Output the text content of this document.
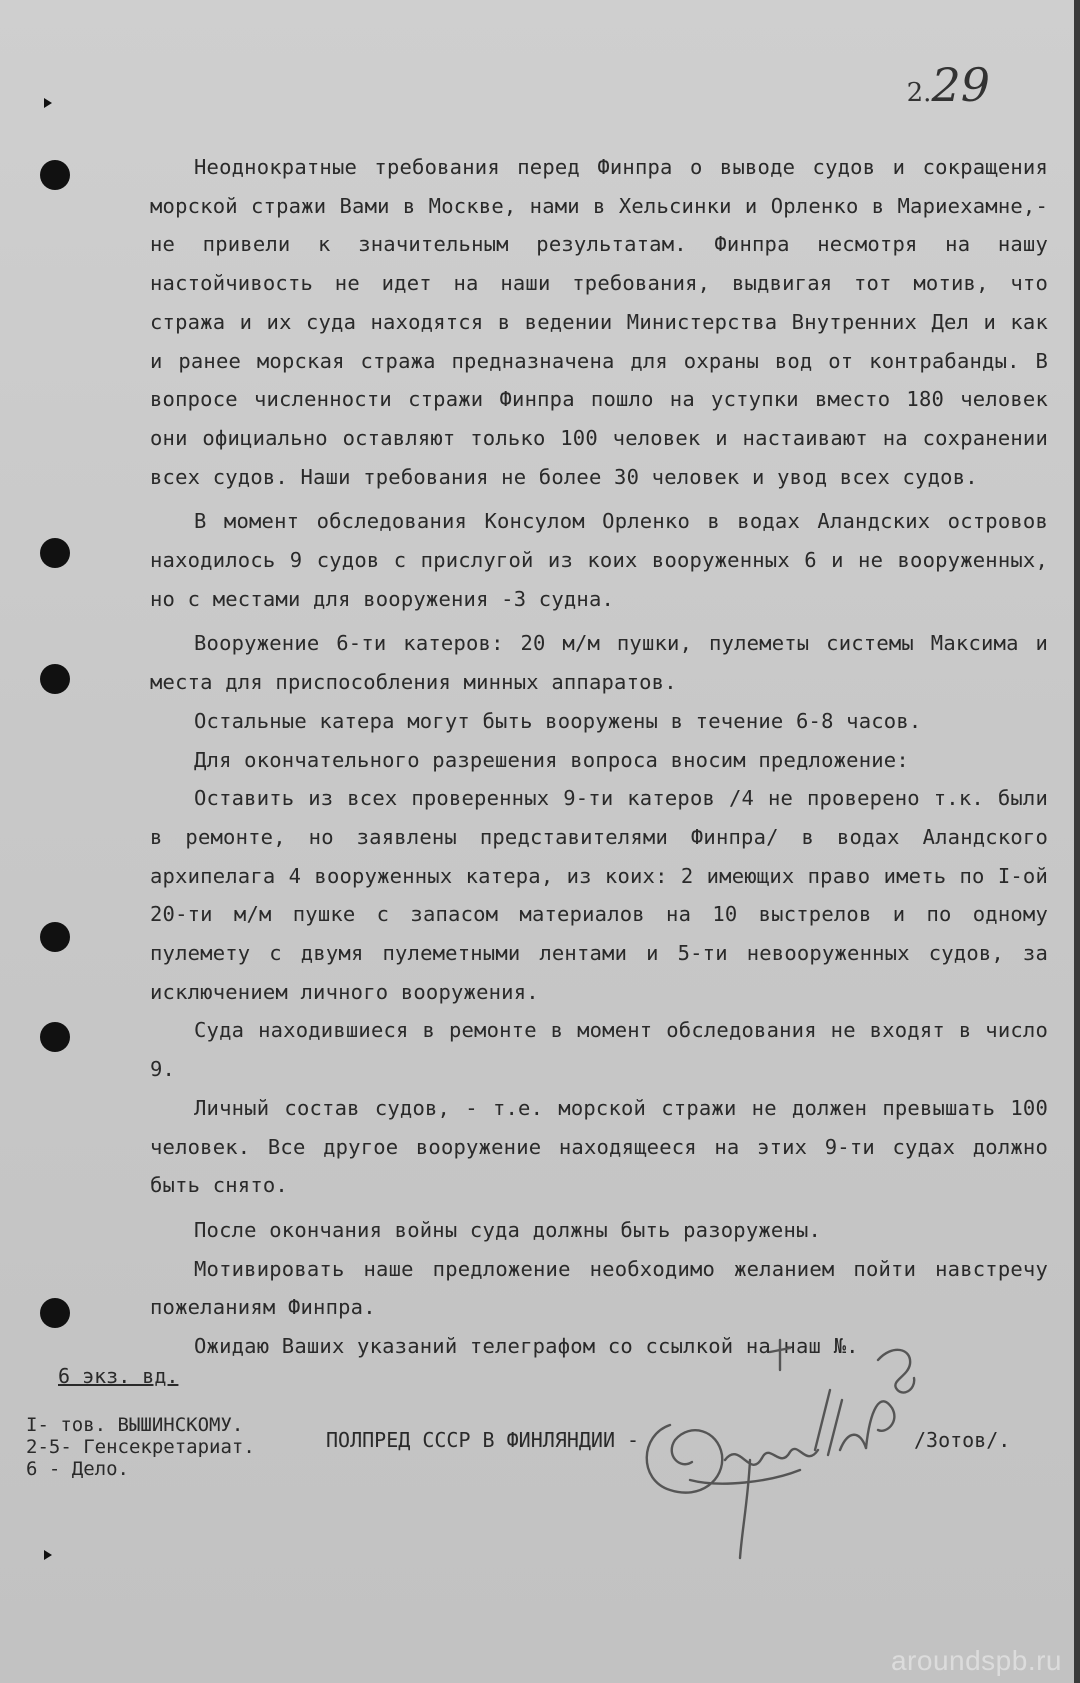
2.29

Неоднократные требования перед Финпра о выводе судов и сокращения морской стражи Вами в Москве, нами в Хельсинки и Орленко в Мариехамне,- не привели к значительным результатам. Финпра несмотря на нашу настойчивость не идет на наши требования, выдвигая тот мотив, что стража и их суда находятся в ведении Министерства Внутренних Дел и как и ранее морская стража предназначена для охраны вод от контрабанды. В вопросе численности стражи Финпра пошло на уступки вместо 180 человек они официально оставляют только 100 человек и настаивают на сохранении всех судов. Наши требования не более 30 человек и увод всех судов.

В момент обследования Консулом Орленко в водах Аландских островов находилось 9 судов с прислугой из коих вооруженных 6 и не вооруженных, но с местами для вооружения -3 судна.

Вооружение 6-ти катеров: 20 м/м пушки, пулеметы системы Максима и места для приспособления минных аппаратов.

Остальные катера могут быть вооружены в течение 6-8 часов.

Для окончательного разрешения вопроса вносим предложение:

Оставить из всех проверенных 9-ти катеров /4 не проверено т.к. были в ремонте, но заявлены представителями Финпра/ в водах Аландского архипелага 4 вооруженных катера, из коих: 2 имеющих право иметь по I-ой 20-ти м/м пушке с запасом материалов на 10 выстрелов и по одному пулемету с двумя пулеметными лентами и 5-ти невооруженных судов, за исключением личного вооружения.

Суда находившиеся в ремонте в момент обследования не входят в число 9.

Личный состав судов, - т.е. морской стражи не должен превышать 100 человек. Все другое вооружение находящееся на этих 9-ти судах должно быть снято.

После окончания войны суда должны быть разоружены.

Мотивировать наше предложение необходимо желанием пойти навстречу пожеланиям Финпра.

Ожидаю Ваших указаний телеграфом со ссылкой на наш №.

6 экз. вд.
I- тов. ВЫШИНСКОМУ.
2-5- Генсекретариат.
6 - Дело.
ПОЛПРЕД СССР В ФИНЛЯНДИИ -	/Зотов/.
aroundspb.ru
